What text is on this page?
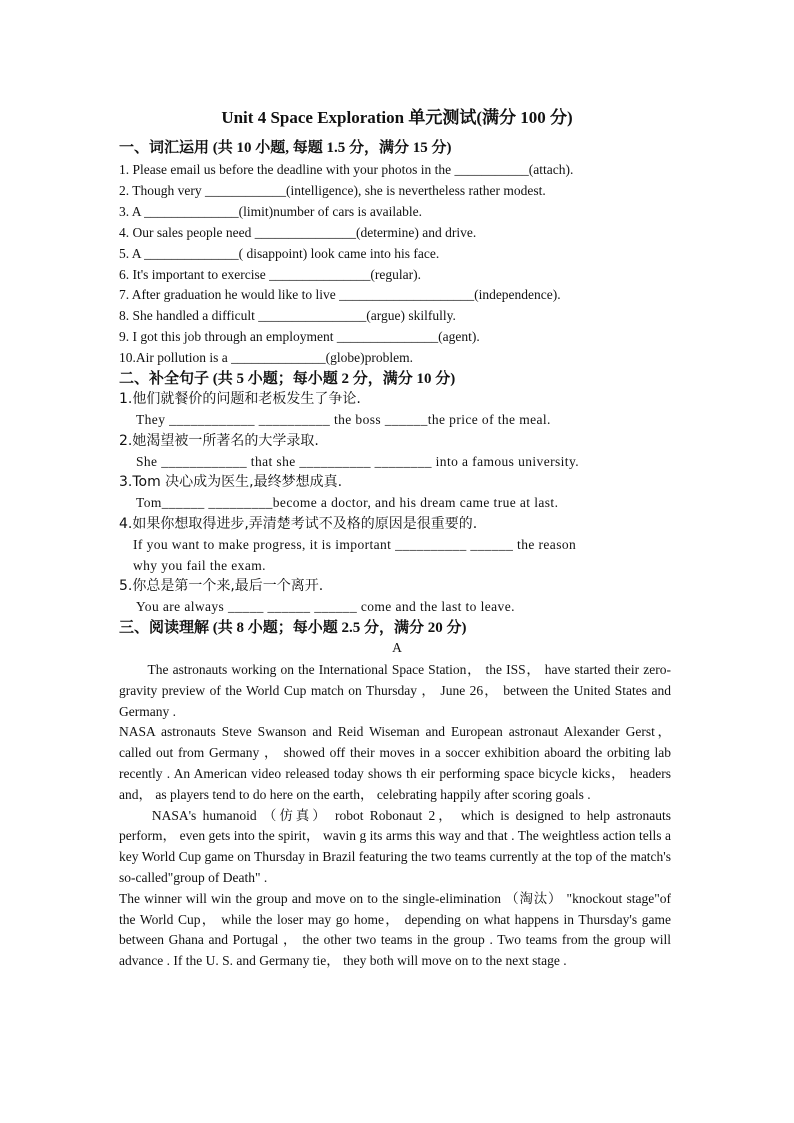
Unit 4 Space Exploration 单元测试(满分 100 分)
一、词汇运用 (共 10 小题, 每题 1.5 分，满分 15 分)
1. Please email us before the deadline with your photos in the ___________(attach).
2. Though very ____________(intelligence), she is nevertheless rather modest.
3. A ______________(limit)number of cars is available.
4. Our sales people need _______________(determine) and drive.
5. A ______________( disappoint) look came into his face.
6. It's important to exercise _______________(regular).
7. After graduation he would like to live ____________________(independence).
8. She handled a difficult ________________(argue) skilfully.
9. I got this job through an employment _______________(agent).
10.Air pollution is a ______________(globe)problem.
二、补全句子 (共 5 小题；每小题 2 分，满分 10 分)
1.他们就餐价的问题和老板发生了争论.
They ____________ __________ the boss ______the price of the meal.
2.她渴望被一所著名的大学录取.
She ____________ that she __________ ________ into a famous university.
3.Tom 决心成为医生,最终梦想成真.
Tom______ _________become a doctor, and his dream came true at last.
4.如果你想取得进步,弄清楚考试不及格的原因是很重要的.
If you want to make progress, it is important __________ ______ the reason
why you fail the exam.
5.你总是第一个来,最后一个离开.
You are always _____ ______ ______ come and the last to leave.
三、阅读理解 (共 8 小题；每小题 2.5 分，满分 20 分)
A

　　The astronauts working on the International Space Station， the ISS， have started their zero-gravity preview of the World Cup match on Thursday ， June 26， between the United States and Germany .

NASA astronauts Steve Swanson and Reid Wiseman and European astronaut Alexander Gerst， called out from Germany ， showed off their moves in a soccer exhibition aboard the orbiting lab recently . An American video released today shows th eir performing space bicycle kicks， headers and， as players tend to do here on the earth， celebrating happily after scoring goals .

　　NASA's humanoid （仿真） robot Robonaut 2， which is designed to help astronauts perform， even gets into the spirit， wavin g its arms this way and that . The weightless action tells a key World Cup game on Thursday in Brazil featuring the two teams currently at the top of the match's so-called"group of Death" .

The winner will win the group and move on to the single-elimination （淘汰） "knockout stage"of the World Cup， while the loser may go home， depending on what happens in Thursday's game between Ghana and Portugal ， the other two teams in the group . Two teams from the group will advance . If the U. S. and Germany tie， they both will move on to the next stage .
